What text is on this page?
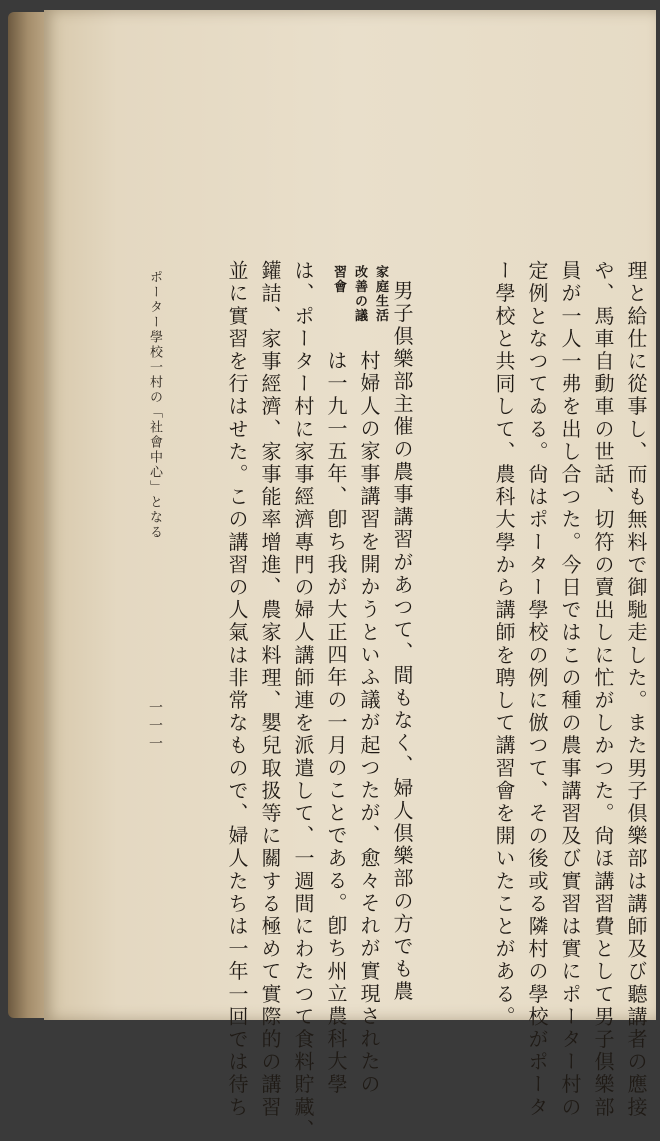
理と給仕に從事し、而も無料で御馳走した。また男子倶樂部は講師及び聽講者の應接
や、馬車自動車の世話、切符の賣出しに忙がしかつた。尙ほ講習費として男子倶樂部
員が一人一弗を出し合つた。今日ではこの種の農事講習及び實習は實にポーター村の
定例となつてゐる。尙はポーター學校の例に倣つて、その後或る隣村の學校がポータ
ー學校と共同して、農科大學から講師を聘して講習會を開いたことがある。
家庭生活
改善の議
習會
男子倶樂部主催の農事講習があつて、間もなく、婦人倶樂部の方でも農
村婦人の家事講習を開かうといふ議が起つたが、愈々それが實現されたの
は一九一五年、卽ち我が大正四年の一月のことである。卽ち州立農科大學
は、ポーター村に家事經濟專門の婦人講師連を派遣して、一週間にわたつて食料貯藏、
鑵詰、家事經濟、家事能率增進、農家料理、嬰兒取扱等に關する極めて實際的の講習
並に實習を行はせた。この講習の人氣は非常なもので、婦人たちは一年一回では待ち
ポーター學校一村の「社會中心」となる
一一一
